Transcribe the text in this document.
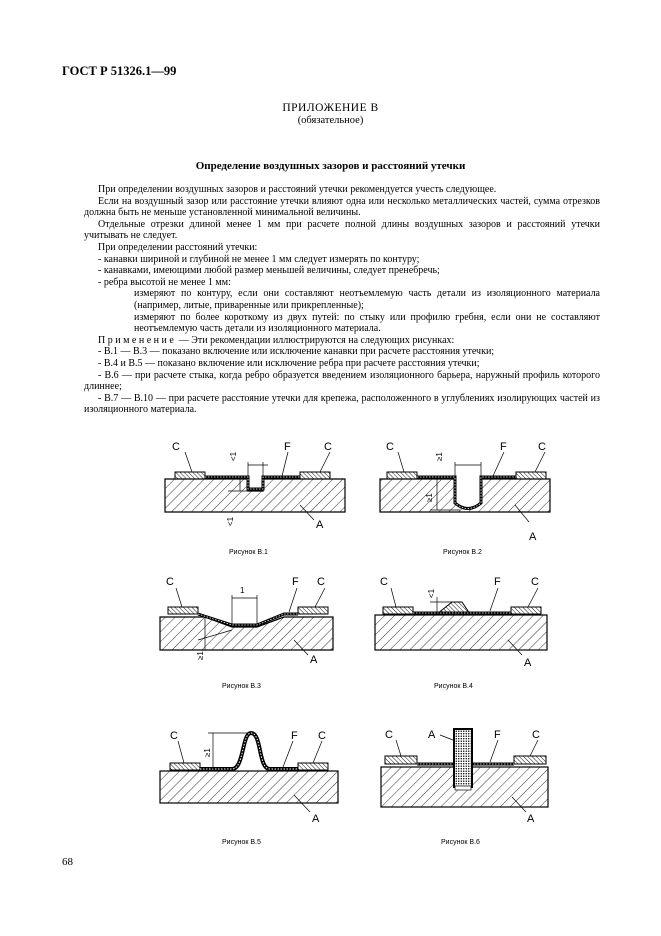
ГОСТ Р 51326.1—99
ПРИЛОЖЕНИЕ В
(обязательное)
Определение воздушных зазоров и расстояний утечки

При определении воздушных зазоров и расстояний утечки рекомендуется учесть следующее.

Если на воздушный зазор или расстояние утечки влияют одна или несколько металлических частей, сумма отрезков должна быть не меньше установленной минимальной величины.

Отдельные отрезки длиной менее 1 мм при расчете полной длины воздушных зазоров и расстояний утечки учитывать не следует.

При определении расстояний утечки:

- канавки шириной и глубиной не менее 1 мм следует измерять по контуру;

- канавками, имеющими любой размер меньшей величины, следует пренебречь;

- ребра высотой не менее 1 мм:

измеряют по контуру, если они составляют неотъемлемую часть детали из изоляционного материала (например, литые, приваренные или прикрепленные);

измеряют по более короткому из двух путей: по стыку или профилю гребня, если они не составляют неотъемлемую часть детали из изоляционного материала.

Применение — Эти рекомендации иллюстрируются на следующих рисунках:

- В.1 — В.3 — показано включение или исключение канавки при расчете расстояния утечки;

- В.4 и В.5 — показано включение или исключение ребра при расчете расстояния утечки;

- В.6 — при расчете стыка, когда ребро образуется введением изоляционного барьера, наружный профиль которого длиннее;

- В.7 — В.10 — при расчете расстояние утечки для крепежа, расположенного в углублениях изолирующих частей из изоляционного материала.

<1
<1
C	F	C
A
Рисунок В.1
≥1
≥1
C	F	C
A
Рисунок В.2
1
≥1
C	F C
A
Рисунок В.3
<1
C	F	C
A
Рисунок В.4
≥1
C	F C
A
Рисунок В.5
C	A	F	C
A
Рисунок В.6
68
